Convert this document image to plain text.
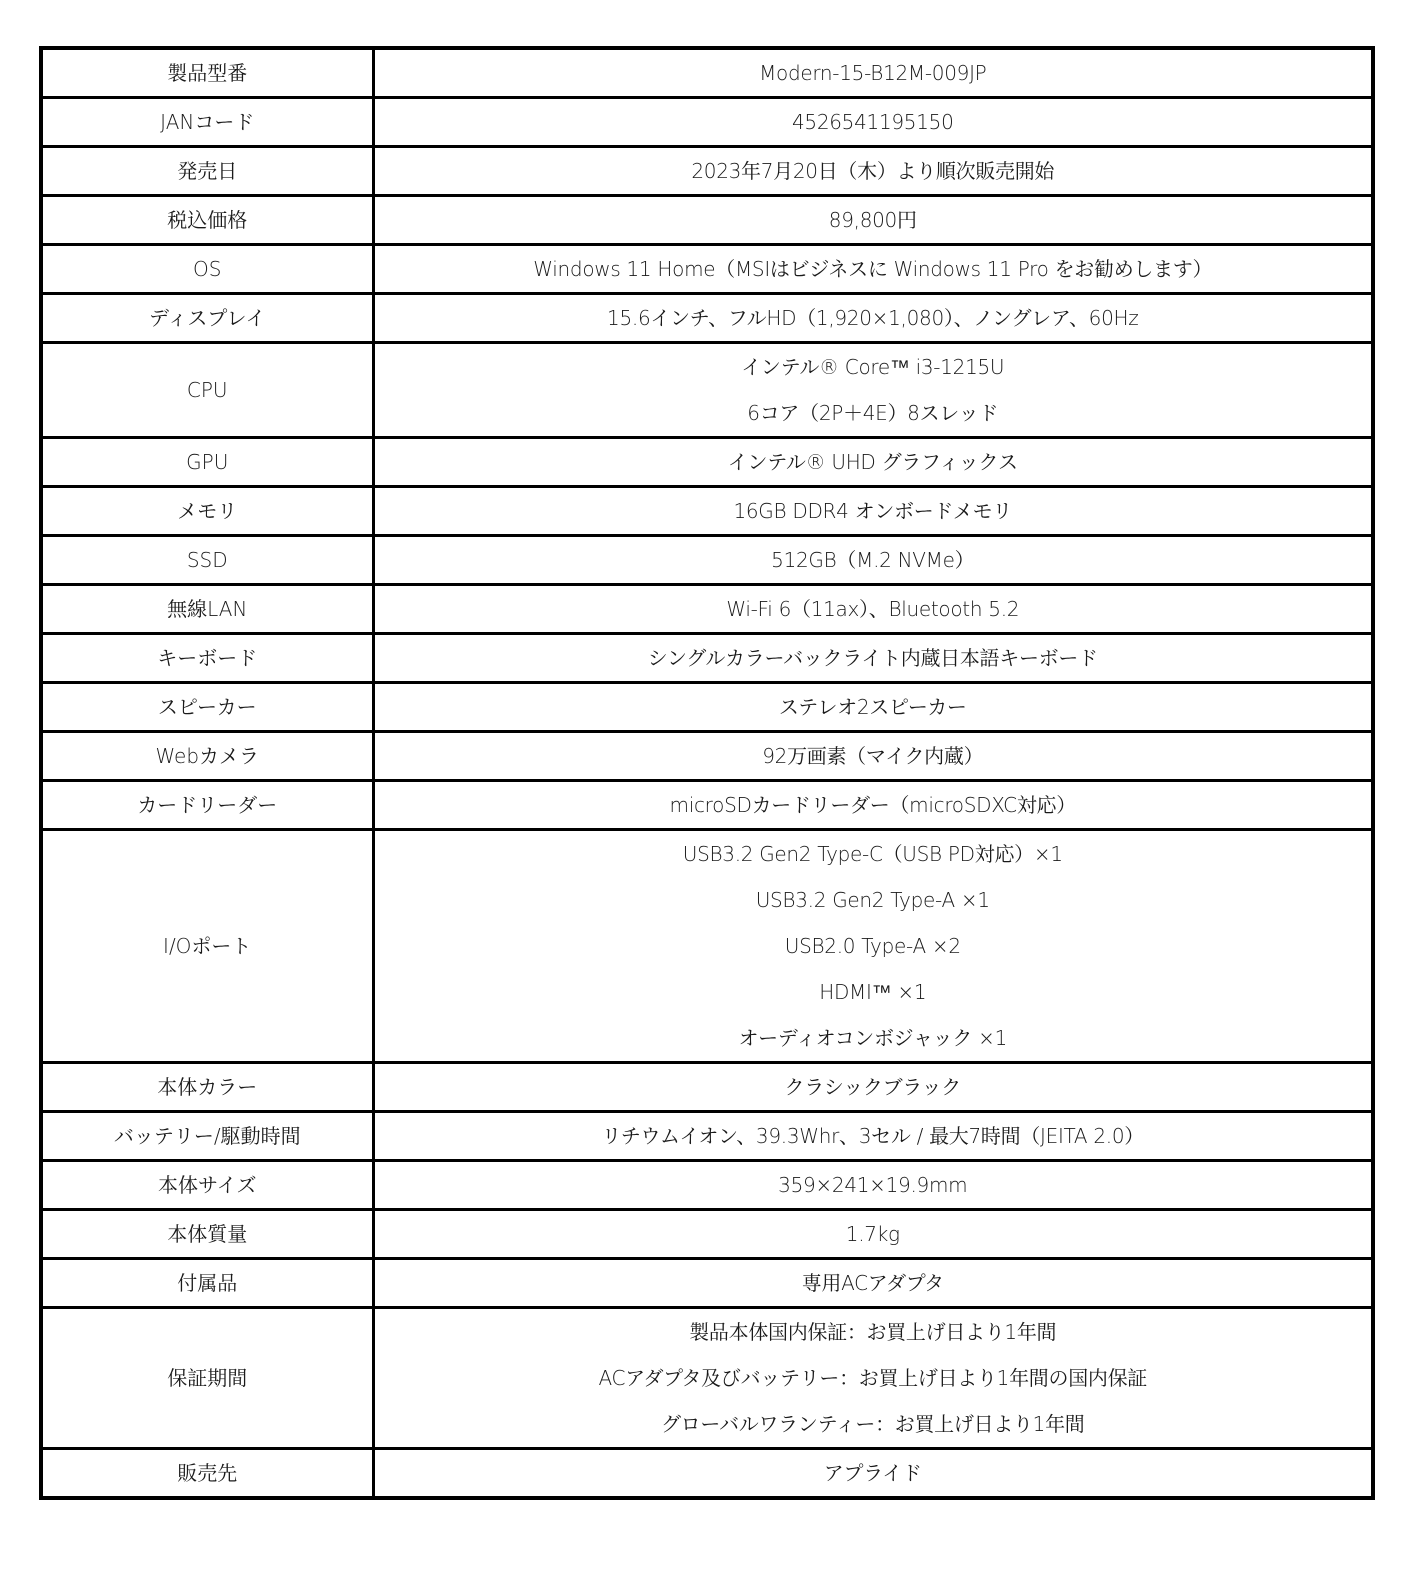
製品型番	Modern-15-B12M-009JP

JANコード	4526541195150

発売日	2023年7月20日（木）より順次販売開始

税込価格	89,800円

OS	Windows 11 Home（MSIはビジネスに Windows 11 Pro をお勧めします）

ディスプレイ	15.6インチ、フルHD（1,920×1,080）、ノングレア、60Hz

CPU	インテル® Core™ i3-1215U
6コア（2P＋4E）8スレッド

GPU	インテル® UHD グラフィックス

メモリ	16GB DDR4 オンボードメモリ

SSD	512GB（M.2 NVMe）

無線LAN	Wi-Fi 6（11ax）、Bluetooth 5.2

キーボード	シングルカラーバックライト内蔵日本語キーボード

スピーカー	ステレオ2スピーカー

Webカメラ	92万画素（マイク内蔵）

カードリーダー	microSDカードリーダー（microSDXC対応）

I/Oポート	USB3.2 Gen2 Type-C（USB PD対応）×1
USB3.2 Gen2 Type-A ×1
USB2.0 Type-A ×2
HDMI™ ×1
オーディオコンボジャック ×1

本体カラー	クラシックブラック

バッテリー/駆動時間	リチウムイオン、39.3Whr、3セル / 最大7時間（JEITA 2.0）

本体サイズ	359×241×19.9mm

本体質量	1.7kg

付属品	専用ACアダプタ

保証期間	製品本体国内保証：お買上げ日より1年間
ACアダプタ及びバッテリー：お買上げ日より1年間の国内保証
グローバルワランティー：お買上げ日より1年間

販売先	アプライド
